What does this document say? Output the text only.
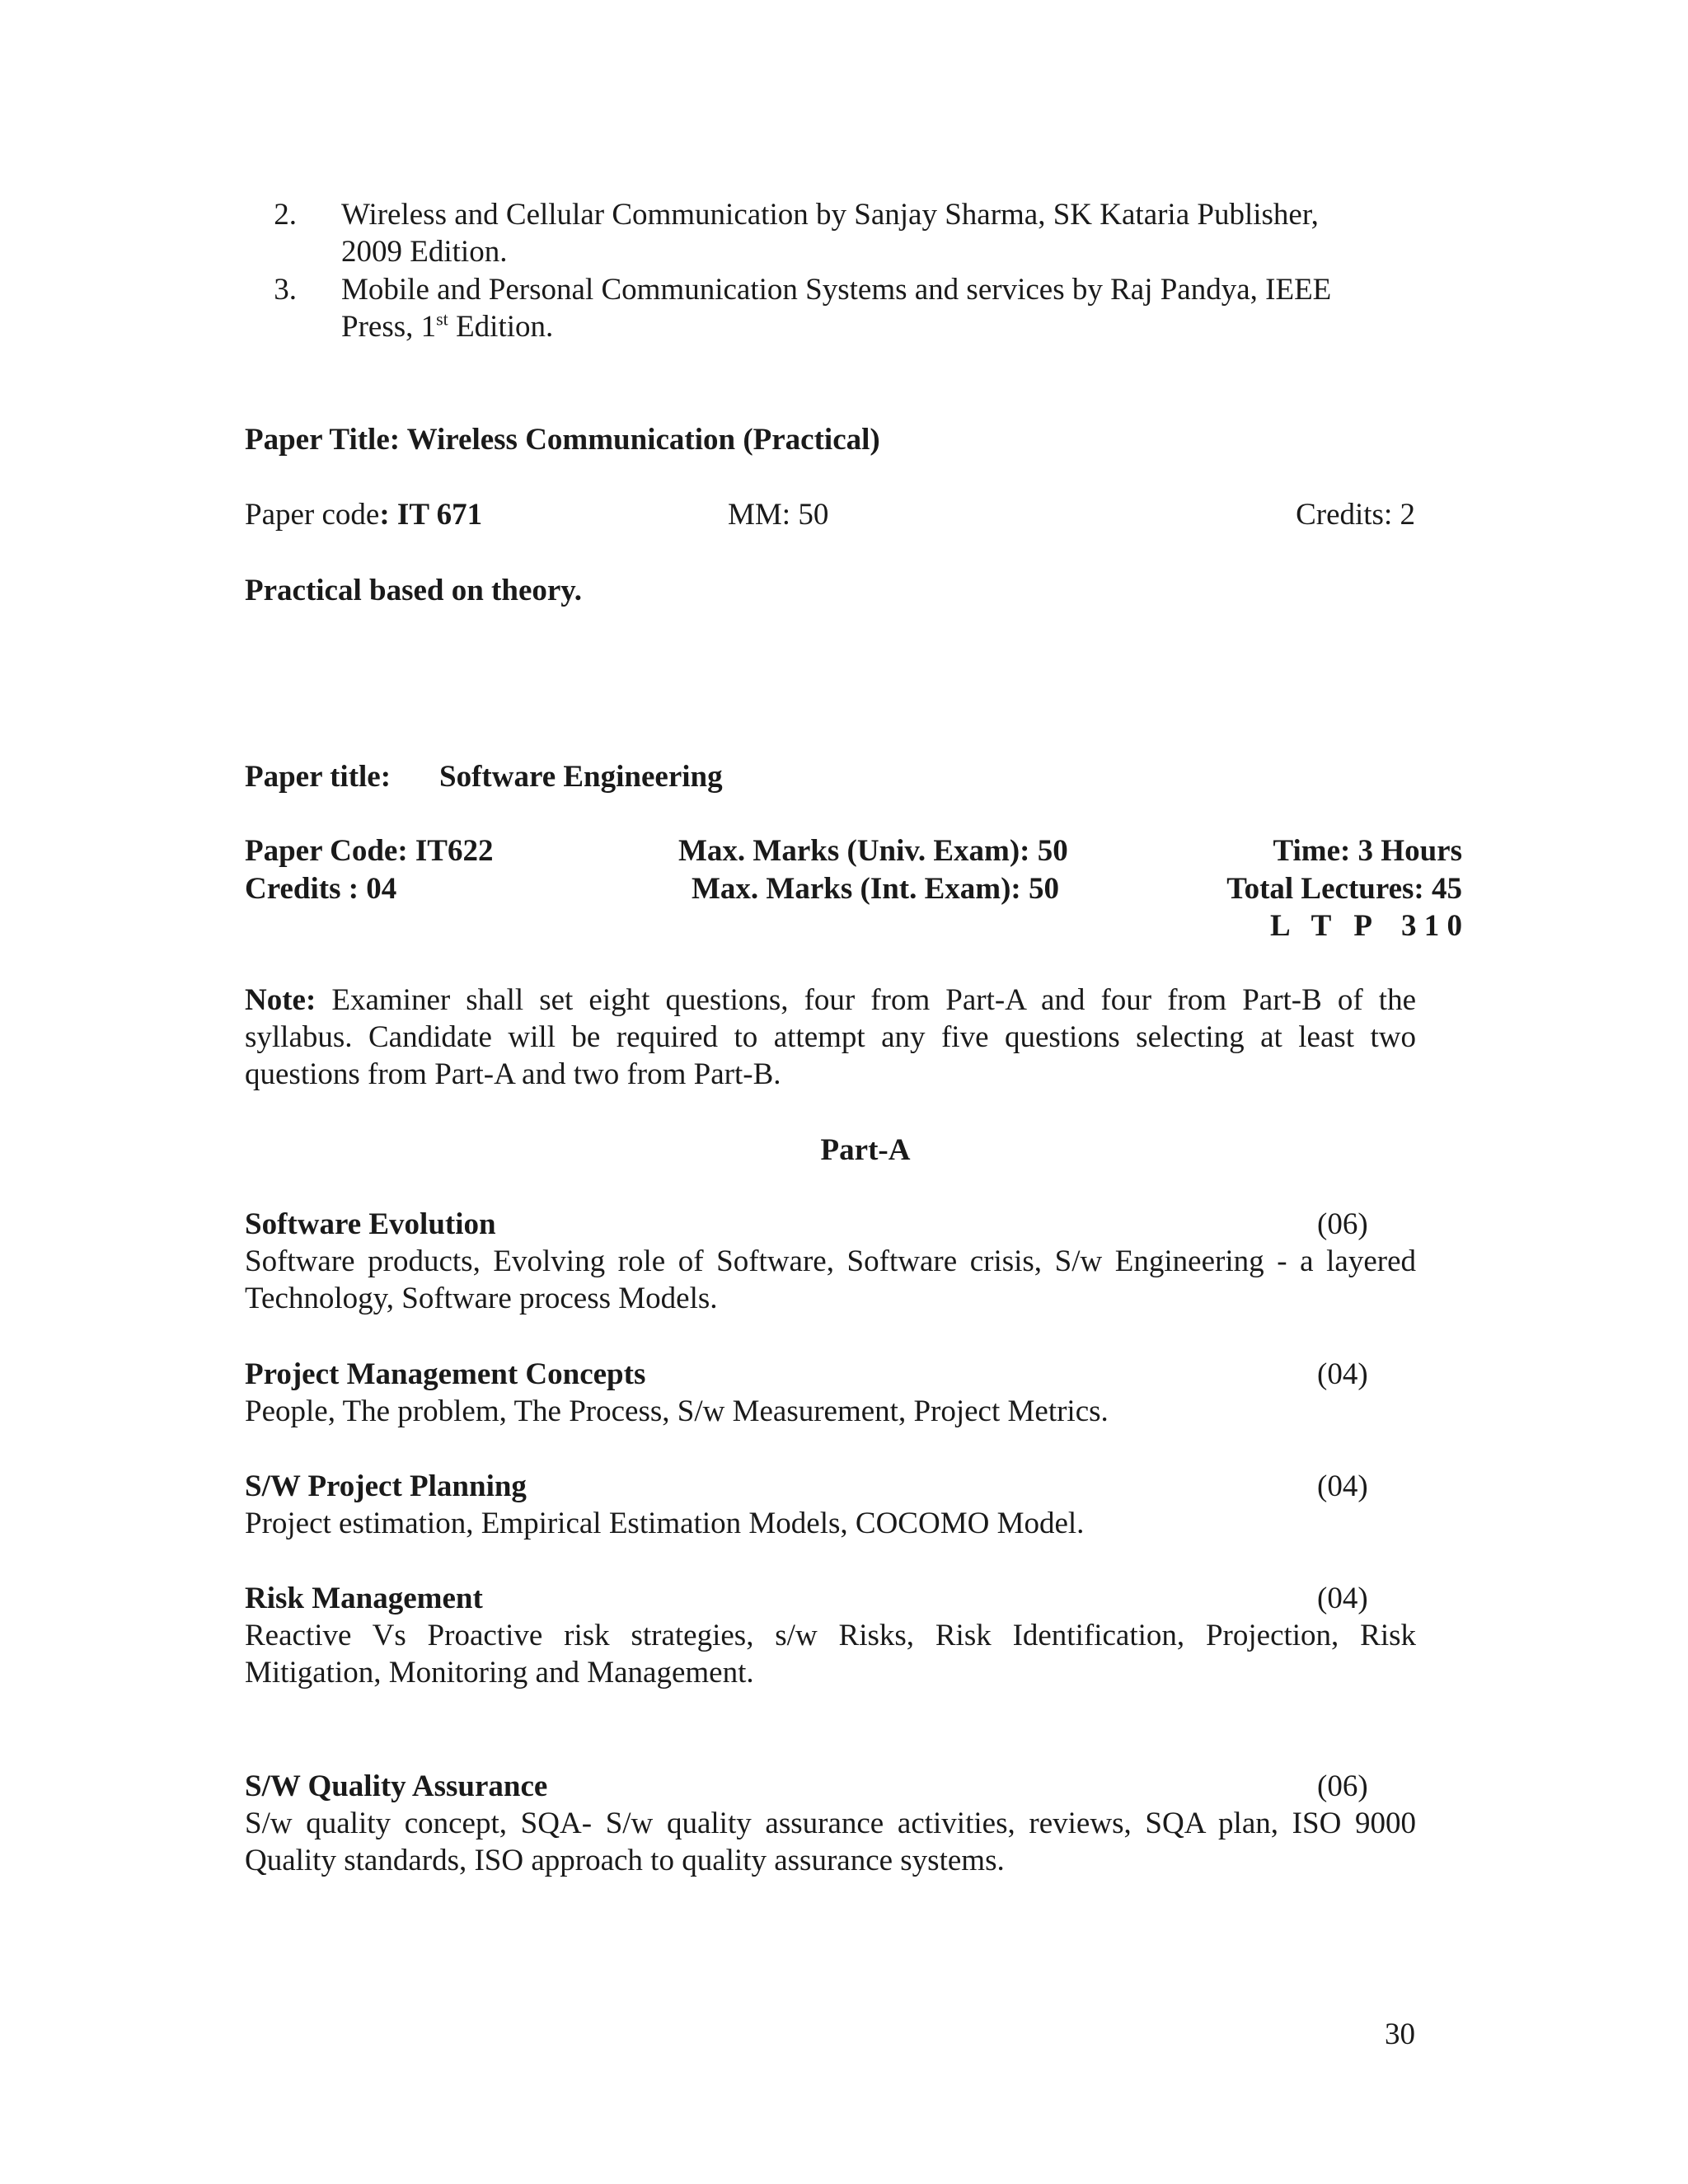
2. Wireless and Cellular Communication by Sanjay Sharma, SK Kataria Publisher,
2009 Edition.
3. Mobile and Personal Communication Systems and services by Raj Pandya, IEEE
Press, 1st Edition.
Paper Title: Wireless Communication (Practical)
Paper code: IT 671	MM: 50	Credits: 2
Practical based on theory.
Paper title: Software Engineering
Paper Code: IT622	Max. Marks (Univ. Exam): 50	Time: 3 Hours
Credits : 04	Max. Marks (Int. Exam): 50	Total Lectures: 45
L   T   P    3 1 0
Note: Examiner shall set eight questions, four from Part-A and four from Part-B of the syllabus. Candidate will be required to attempt any five questions selecting at least two questions from Part-A and two from Part-B.
Part-A
Software Evolution	(06)
Software products, Evolving role of Software, Software crisis, S/w Engineering - a layered Technology, Software process Models.
Project Management Concepts	(04)
People, The problem, The Process, S/w Measurement, Project Metrics.
S/W Project Planning	(04)
Project estimation, Empirical Estimation Models, COCOMO Model.
Risk Management	(04)
Reactive Vs Proactive risk strategies, s/w Risks, Risk Identification, Projection, Risk Mitigation, Monitoring and Management.
S/W Quality Assurance	(06)
S/w quality concept, SQA- S/w quality assurance activities, reviews, SQA plan, ISO 9000 Quality standards, ISO approach to quality assurance systems.
30
